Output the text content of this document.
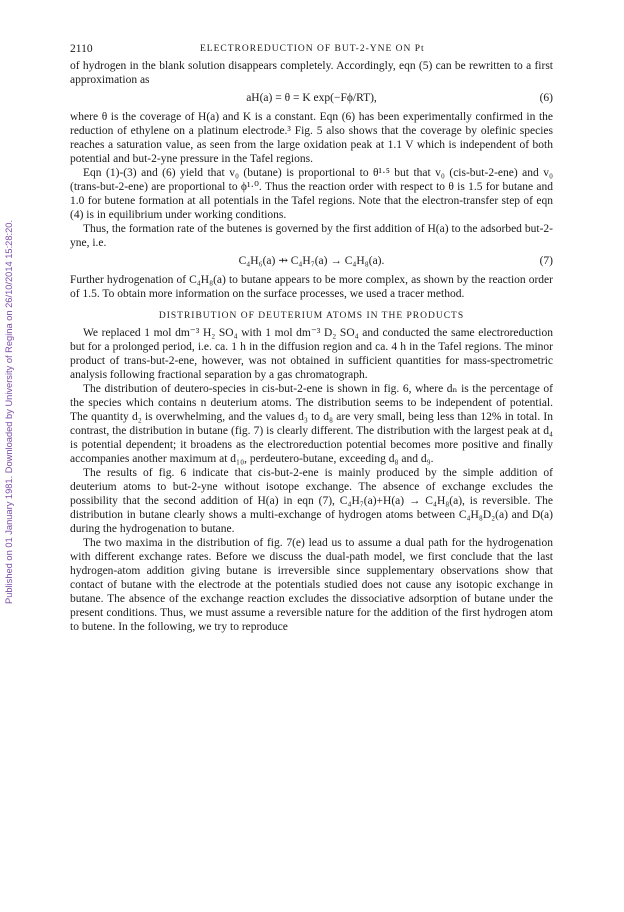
Published on 01 January 1981. Downloaded by University of Regina on 26/10/2014 15:28:20.
2110	ELECTROREDUCTION OF BUT-2-YNE ON Pt

of hydrogen in the blank solution disappears completely. Accordingly, eqn (5) can be rewritten to a first approximation as

aH(a) = θ = K exp(−Fϕ/RT),	(6)

where θ is the coverage of H(a) and K is a constant. Eqn (6) has been experimentally confirmed in the reduction of ethylene on a platinum electrode.³ Fig. 5 also shows that the coverage by olefinic species reaches a saturation value, as seen from the large oxidation peak at 1.1 V which is independent of both potential and but-2-yne pressure in the Tafel regions.

Eqn (1)-(3) and (6) yield that v₀ (butane) is proportional to θ¹·⁵ but that v₀ (cis-but-2-ene) and v₀ (trans-but-2-ene) are proportional to ϕ¹·⁰. Thus the reaction order with respect to θ is 1.5 for butane and 1.0 for butene formation at all potentials in the Tafel regions. Note that the electron-transfer step of eqn (4) is in equilibrium under working conditions.

Thus, the formation rate of the butenes is governed by the first addition of H(a) to the adsorbed but-2-yne, i.e.

C₄H₆(a) ⇸ C₄H₇(a) → C₄H₈(a).	(7)

Further hydrogenation of C₄H₈(a) to butane appears to be more complex, as shown by the reaction order of 1.5. To obtain more information on the surface processes, we used a tracer method.

DISTRIBUTION OF DEUTERIUM ATOMS IN THE PRODUCTS

We replaced 1 mol dm⁻³ H₂ SO₄ with 1 mol dm⁻³ D₂ SO₄ and conducted the same electroreduction but for a prolonged period, i.e. ca. 1 h in the diffusion region and ca. 4 h in the Tafel regions. The minor product of trans-but-2-ene, however, was not obtained in sufficient quantities for mass-spectrometric analysis following fractional separation by a gas chromatograph.

The distribution of deutero-species in cis-but-2-ene is shown in fig. 6, where dₙ is the percentage of the species which contains n deuterium atoms. The distribution seems to be independent of potential. The quantity d₂ is overwhelming, and the values d₃ to d₈ are very small, being less than 12% in total. In contrast, the distribution in butane (fig. 7) is clearly different. The distribution with the largest peak at d₄ is potential dependent; it broadens as the electroreduction potential becomes more positive and finally accompanies another maximum at d₁₀, perdeutero-butane, exceeding d₈ and d₉.

The results of fig. 6 indicate that cis-but-2-ene is mainly produced by the simple addition of deuterium atoms to but-2-yne without isotope exchange. The absence of exchange excludes the possibility that the second addition of H(a) in eqn (7), C₄H₇(a)+H(a) → C₄H₈(a), is reversible. The distribution in butane clearly shows a multi-exchange of hydrogen atoms between C₄H₈D₂(a) and D(a) during the hydrogenation to butane.

The two maxima in the distribution of fig. 7(e) lead us to assume a dual path for the hydrogenation with different exchange rates. Before we discuss the dual-path model, we first conclude that the last hydrogen-atom addition giving butane is irreversible since supplementary observations show that contact of butane with the electrode at the potentials studied does not cause any isotopic exchange in butane. The absence of the exchange reaction excludes the dissociative adsorption of butane under the present conditions. Thus, we must assume a reversible nature for the addition of the first hydrogen atom to butene. In the following, we try to reproduce
